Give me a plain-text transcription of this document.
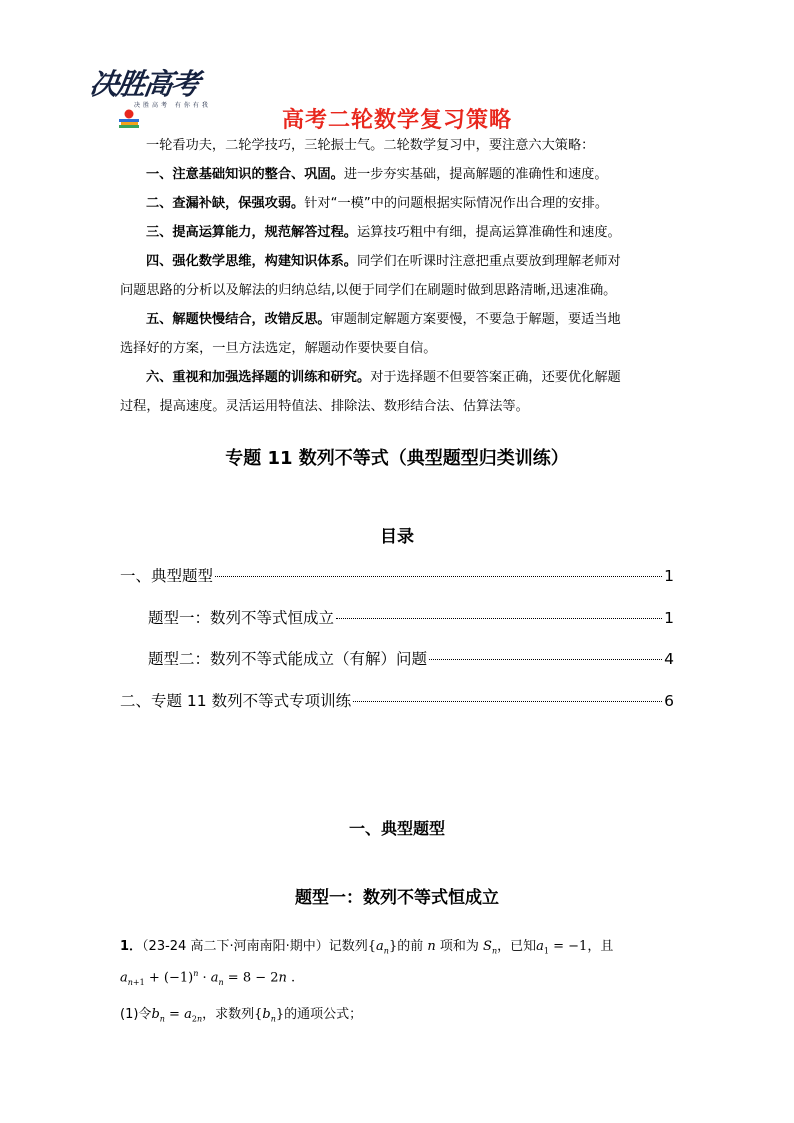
决胜高考
决胜高考 有你有我
高考二轮数学复习策略
一轮看功夫，二轮学技巧，三轮振士气。二轮数学复习中，要注意六大策略：
一、注意基础知识的整合、巩固。进一步夯实基础，提高解题的准确性和速度。
二、查漏补缺，保强攻弱。针对“一模”中的问题根据实际情况作出合理的安排。
三、提高运算能力，规范解答过程。运算技巧粗中有细，提高运算准确性和速度。
四、强化数学思维，构建知识体系。同学们在听课时注意把重点要放到理解老师对
问题思路的分析以及解法的归纳总结,以便于同学们在刷题时做到思路清晰,迅速准确。
五、解题快慢结合，改错反思。审题制定解题方案要慢，不要急于解题，要适当地
选择好的方案，一旦方法选定，解题动作要快要自信。
六、重视和加强选择题的训练和研究。对于选择题不但要答案正确，还要优化解题
过程，提高速度。灵活运用特值法、排除法、数形结合法、估算法等。
专题 11 数列不等式（典型题型归类训练）
目录
一、典型题型	1
题型一：数列不等式恒成立	1
题型二：数列不等式能成立（有解）问题	4
二、专题 11 数列不等式专项训练	6
一、典型题型
题型一：数列不等式恒成立
1．（23-24 高二下·河南南阳·期中）记数列$\{a_n\}$的前 n 项和为 $S_n$，已知$a_1 = -1$，且
$a_{n+1} + (-1)^n \cdot a_n = 8 - 2n$ .
(1)令$b_n = a_{2n}$，求数列$\{b_n\}$的通项公式；
